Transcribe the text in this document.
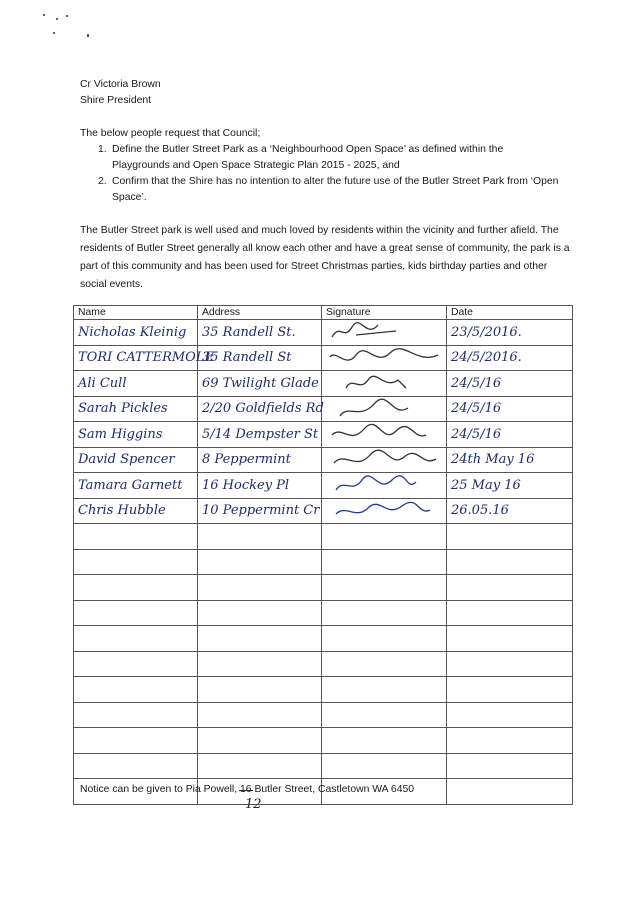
Cr Victoria Brown
Shire President
The below people request that Council;
1. Define the Butler Street Park as a ‘Neighbourhood Open Space’ as defined within the Playgrounds and Open Space Strategic Plan 2015 - 2025, and
2. Confirm that the Shire has no intention to alter the future use of the Butler Street Park from ‘Open Space’.
The Butler Street park is well used and much loved by residents within the vicinity and further afield. The residents of Butler Street generally all know each other and have a great sense of community, the park is a part of this community and has been used for Street Christmas parties, kids birthday parties and other social events.
Name	Address	Signature	Date
Nicholas Kleinig	35 Randell St.		23/5/2016.
TORI CATTERMOLE	35 Randell St		24/5/2016.
Ali Cull	69 Twilight Glade		24/5/16
Sarah Pickles	2/20 Goldfields Rd		24/5/16
Sam Higgins	5/14 Dempster St		24/5/16
David Spencer	8 Peppermint		24th May 16
Tamara Garnett	16 Hockey Pl		25 May 16
Chris Hubble	10 Peppermint Cr		26.05.16

Notice can be given to Pia Powell, 16 Butler Street, Castletown WA 6450
12
